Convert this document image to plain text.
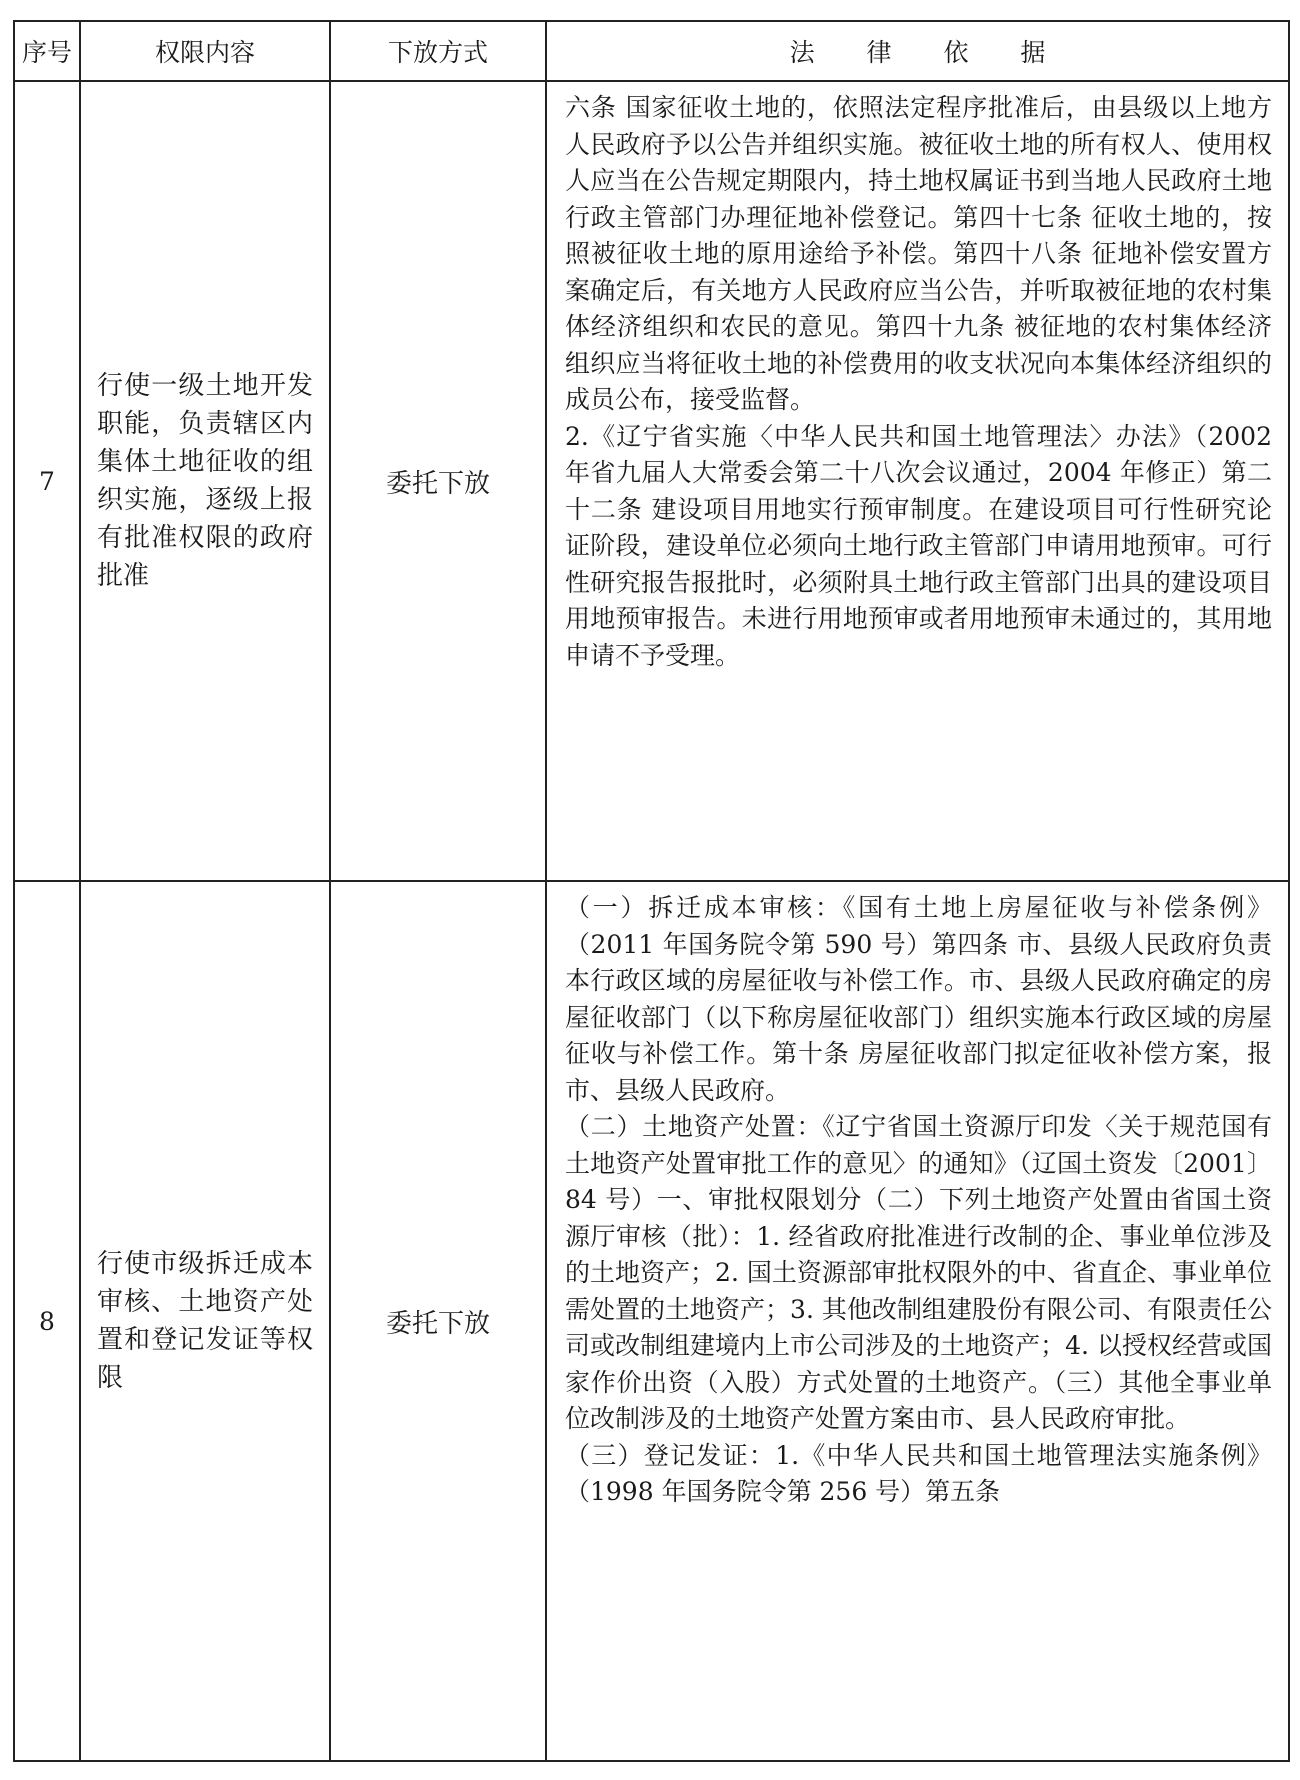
序号	权限内容	下放方式	法 律 依 据
7	行使一级土地开发职能，负责辖区内集体土地征收的组织实施，逐级上报有批准权限的政府批准	委托下放	六条 国家征收土地的，依照法定程序批准后，由县级以上地方人民政府予以公告并组织实施。被征收土地的所有权人、使用权人应当在公告规定期限内，持土地权属证书到当地人民政府土地行政主管部门办理征地补偿登记。第四十七条 征收土地的，按照被征收土地的原用途给予补偿。第四十八条 征地补偿安置方案确定后，有关地方人民政府应当公告，并听取被征地的农村集体经济组织和农民的意见。第四十九条 被征地的农村集体经济组织应当将征收土地的补偿费用的收支状况向本集体经济组织的成员公布，接受监督。

2.《辽宁省实施〈中华人民共和国土地管理法〉办法》（2002 年省九届人大常委会第二十八次会议通过，2004 年修正）第二十二条 建设项目用地实行预审制度。在建设项目可行性研究论证阶段，建设单位必须向土地行政主管部门申请用地预审。可行性研究报告报批时，必须附具土地行政主管部门出具的建设项目用地预审报告。未进行用地预审或者用地预审未通过的，其用地申请不予受理。

8	行使市级拆迁成本审核、土地资产处置和登记发证等权限	委托下放	（一）拆迁成本审核：《国有土地上房屋征收与补偿条例》（2011 年国务院令第 590 号）第四条 市、县级人民政府负责本行政区域的房屋征收与补偿工作。市、县级人民政府确定的房屋征收部门（以下称房屋征收部门）组织实施本行政区域的房屋征收与补偿工作。第十条 房屋征收部门拟定征收补偿方案，报市、县级人民政府。

（二）土地资产处置：《辽宁省国土资源厅印发〈关于规范国有土地资产处置审批工作的意见〉的通知》（辽国土资发〔2001〕84 号）一、审批权限划分（二）下列土地资产处置由省国土资源厅审核（批）：1. 经省政府批准进行改制的企、事业单位涉及的土地资产；2. 国土资源部审批权限外的中、省直企、事业单位需处置的土地资产；3. 其他改制组建股份有限公司、有限责任公司或改制组建境内上市公司涉及的土地资产；4. 以授权经营或国家作价出资（入股）方式处置的土地资产。（三）其他全事业单位改制涉及的土地资产处置方案由市、县人民政府审批。

（三）登记发证：1.《中华人民共和国土地管理法实施条例》（1998 年国务院令第 256 号）第五条
